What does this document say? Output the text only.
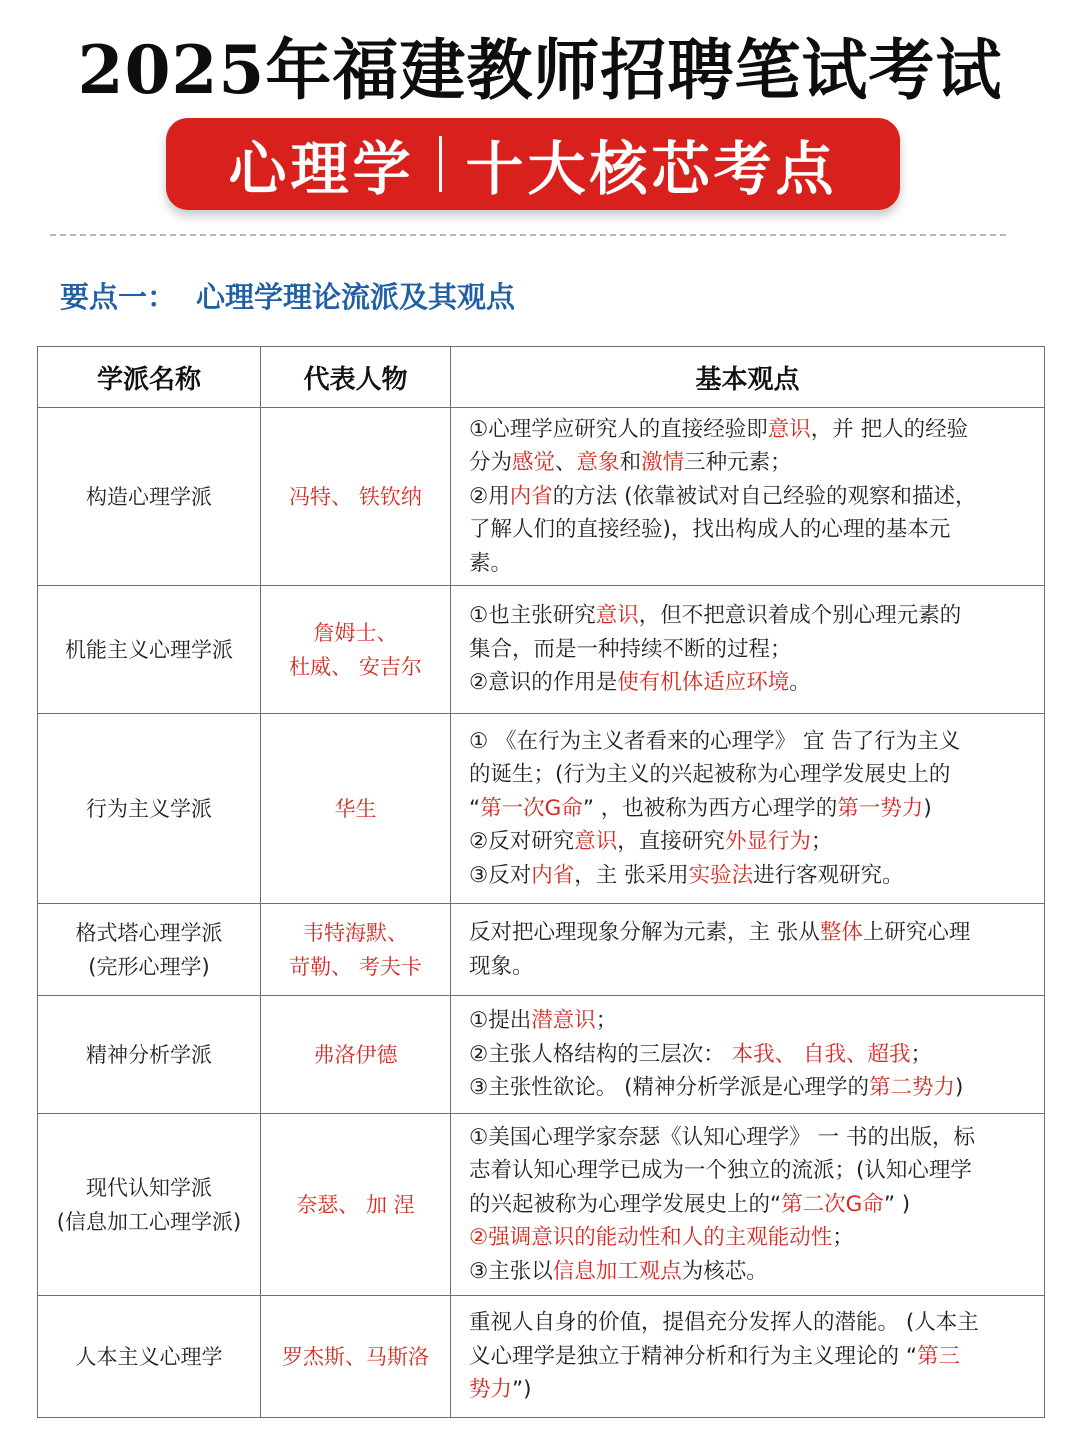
2025年福建教师招聘笔试考试
心理学 十大核芯考点
要点一： 心理学理论流派及其观点
学派名称	代表人物	基本观点

构造心理学派	冯特、 铁钦纳	①心理学应研究人的直接经验即意识，并 把人的经验
分为感觉、意象和激情三种元素；
②用内省的方法 (依靠被试对自己经验的观察和描述，
了解人们的直接经验)，找出构成人的心理的基本元
素。

机能主义心理学派	詹姆士、
杜威、 安吉尔	①也主张研究意识，但不把意识着成个别心理元素的
集合，而是一种持续不断的过程；
②意识的作用是使有机体适应环境。

行为主义学派	华生	① 《在行为主义者看来的心理学》 宜 告了行为主义
的诞生；(行为主义的兴起被称为心理学发展史上的
“第一次G命” ，也被称为西方心理学的第一势力)
②反对研究意识，直接研究外显行为；
③反对内省，主 张采用实验法进行客观研究。

格式塔心理学派
(完形心理学)	韦特海默、
苛勒、 考夫卡	反对把心理现象分解为元素，主 张从整体上研究心理
现象。

精神分析学派	弗洛伊德	①提出潜意识；
②主张人格结构的三层次： 本我、 自我、超我；
③主张性欲论。 (精神分析学派是心理学的第二势力)

现代认知学派
(信息加工心理学派)	奈瑟、 加 涅	①美国心理学家奈瑟《认知心理学》 一 书的出版，标
志着认知心理学已成为一个独立的流派；(认知心理学
的兴起被称为心理学发展史上的“第二次G命” )
②强调意识的能动性和人的主观能动性；
③主张以信息加工观点为核芯。

人本主义心理学	罗杰斯、马斯洛	重视人自身的价值，提倡充分发挥人的潜能。 (人本主
义心理学是独立于精神分析和行为主义理论的 “第三
势力”)
